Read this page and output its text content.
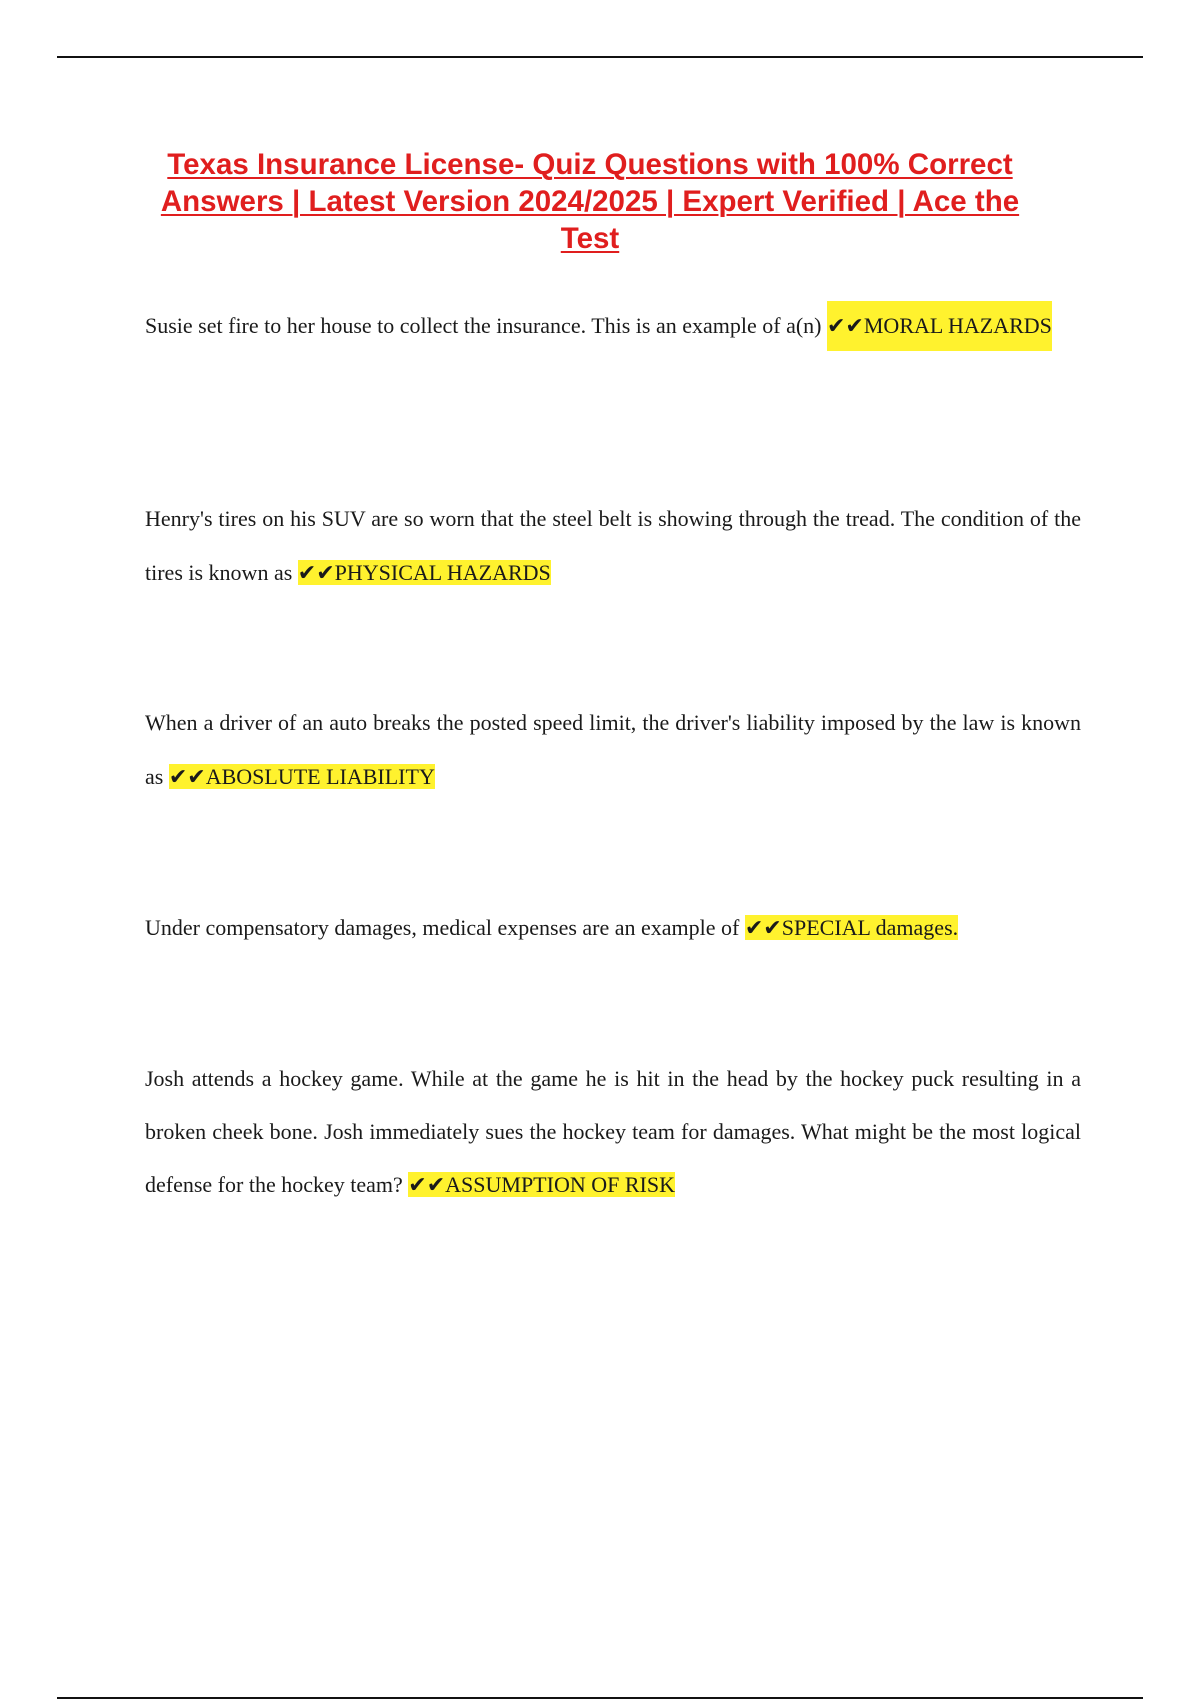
Texas Insurance License- Quiz Questions with 100% Correct Answers | Latest Version 2024/2025 | Expert Verified | Ace the Test

Susie set fire to her house to collect the insurance. This is an example of a(n) ✔✔MORAL HAZARDS

Henry's tires on his SUV are so worn that the steel belt is showing through the tread. The condition of the tires is known as ✔✔PHYSICAL HAZARDS

When a driver of an auto breaks the posted speed limit, the driver's liability imposed by the law is known as ✔✔ABOSLUTE LIABILITY

Under compensatory damages, medical expenses are an example of ✔✔SPECIAL damages.

Josh attends a hockey game. While at the game he is hit in the head by the hockey puck resulting in a broken cheek bone. Josh immediately sues the hockey team for damages. What might be the most logical defense for the hockey team? ✔✔ASSUMPTION OF RISK
